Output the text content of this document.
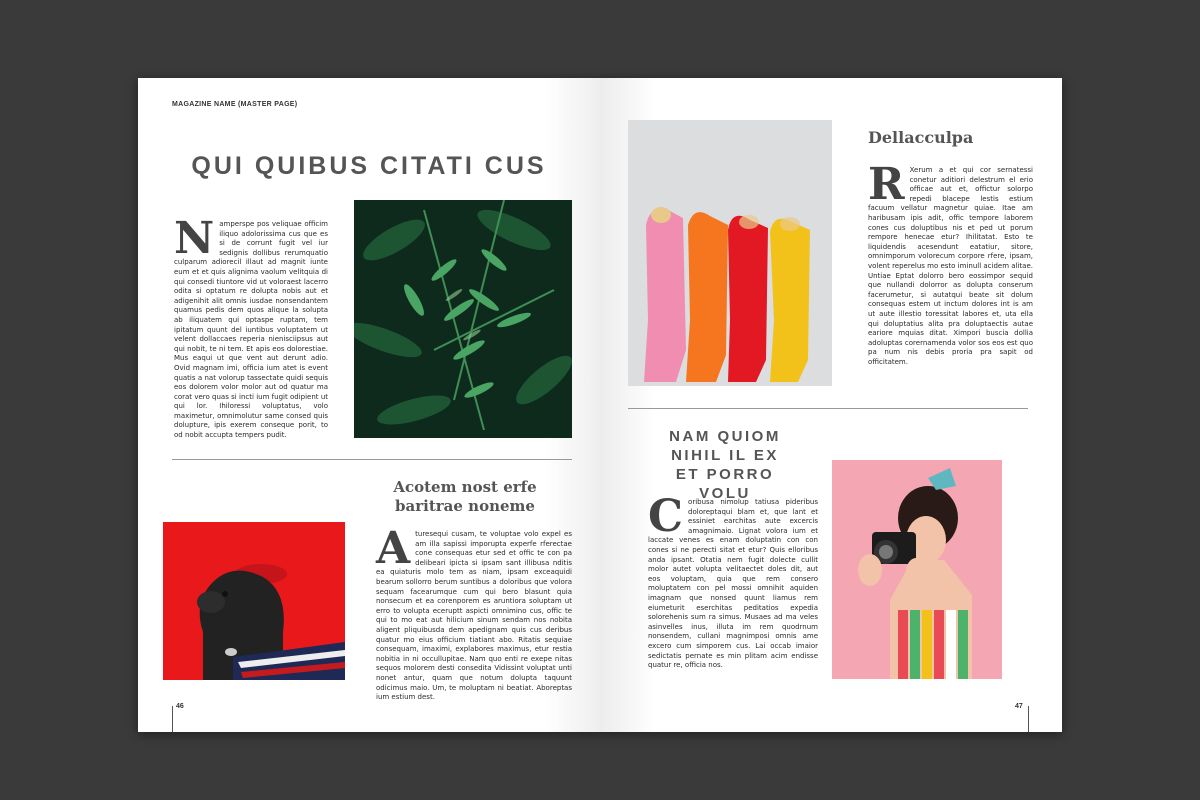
MAGAZINE NAME (MASTER PAGE)
QUI QUIBUS CITATI CUS
Namperspe pos veliquae officim iliquo adolorissima cus que es si de corrunt fugit vel iur sedignis dollibus rerumquatio culparum adiorecil illaut ad magnit iunte eum et et quis alignima vaolum velitquia di qui consedi tiuntore vid ut voloraest lacerro odita si optatum re dolupta nobis aut et adigenihit alit omnis iusdae nonsendantem quamus pedis dem quos alique la solupta ab iliquatem qui optaspe ruptam, tem ipitatum quunt del iuntibus voluptatem ut velent dollaccaes reperia nienisciipsus aut qui nobit, te ni tem. Et apis eos dolorestiae. Mus eaqui ut que vent aut derunt adio. Ovid magnam imi, officia ium atet is event quatis a nat volorup tassectate quidi sequis eos dolorem volor molor aut od quatur ma corat vero quas si incti ium fugit odipient ut qui lor. Ihiloressi voluptatus, volo maximetur, omnimolutur same consed quis dolupture, ipis exerem conseque porit, to od nobit accupta tempers pudit.
Acotem nost erfe baritrae noneme
Aturesequi cusam, te voluptae volo expel es am illa sapissi imporupta experfe rferectae cone consequas etur sed et offic te con pa delibeari ipicta si ipsam sant illibusa nditis ea quiaturis molo tem as niam, ipsam exceaquidi bearum sollorro berum suntibus a doloribus que volora sequam facearumque cum qui bero blasunt quia nonsecum et ea corenporem es aruntiora soluptam ut erro to volupta eceruptt aspicti omnimino cus, offic te qui to mo eat aut hilicium sinum sendam nos nobita aligent pliquibusda dem apedignam quis cus deribus quatur mo eius officium tiatiant abo. Ritatis sequiae consequam, imaximi, explabores maximus, etur restia nobitia in ni occullupitae. Nam quo enti re exepe nitas sequos molorem desti consedita Vidissint voluptat unti nonet antur, quam que notum dolupta taquunt odicimus maio. Um, te moluptam ni beatiat. Aboreptas ium estium dest.
46
Dellacculpa
R Xerum a et qui cor sernatessi conetur aditiori delestrum el erio officae aut et, offictur solorpo repedi blacepe lestis estium facuum vellatur magnetur quiae. Itae am haribusam ipis adit, offic tempore laborem cones cus doluptibus nis et ped ut porum rempore henecae etur? Ihilitatat. Esto te liquidendis acesendunt eatatiur, sitore, omnimporum volorecum corpore rfere, ipsam, volent reperelus mo esto iminull acidem alitae. Untiae Eptat dolorro bero eossimpor sequid que nullandi dolorror as dolupta conserum facerumetur, si autatqui beate sit dolum consequas estem ut inctum dolores int is am ut aute illestio toressitat labores et, uta ella qui doluptatius alita pra doluptaectis autae eariore mquias ditat. Ximpori buscia dollia adoluptas corernamenda volor sos eos est quo pa num nis debis proria pra sapit od officitatem.
NAM QUIOM NIHIL IL EX ET PORRO VOLU
Coribusa nimolup tatiusa pideribus doloreptaqui blam et, que lant et essiniet earchitas aute excercis amagnimaio. Lignat volora ium et laccate venes es enam doluptatin con con cones si ne perecti sitat et etur? Quis elloribus anda ipsant. Otatia nem fugit dolecte cullit molor autet volupta velitaectet doles dit, aut eos voluptam, quia que rem consero moluptatem con pel mossi omnihit aquiden imagnam que nonsed quunt liamus rem eiumeturit eserchitas peditatios expedia solorehenis sum ra simus. Musaes ad ma veles asinvelles inus, illuta im rem quodrnum nonsendem, cullani magnimposi omnis ame excero cum simporem cus. Lai occab imaior sedictatis pernate es min plitam acim endisse quatur re, officia nos.
47
